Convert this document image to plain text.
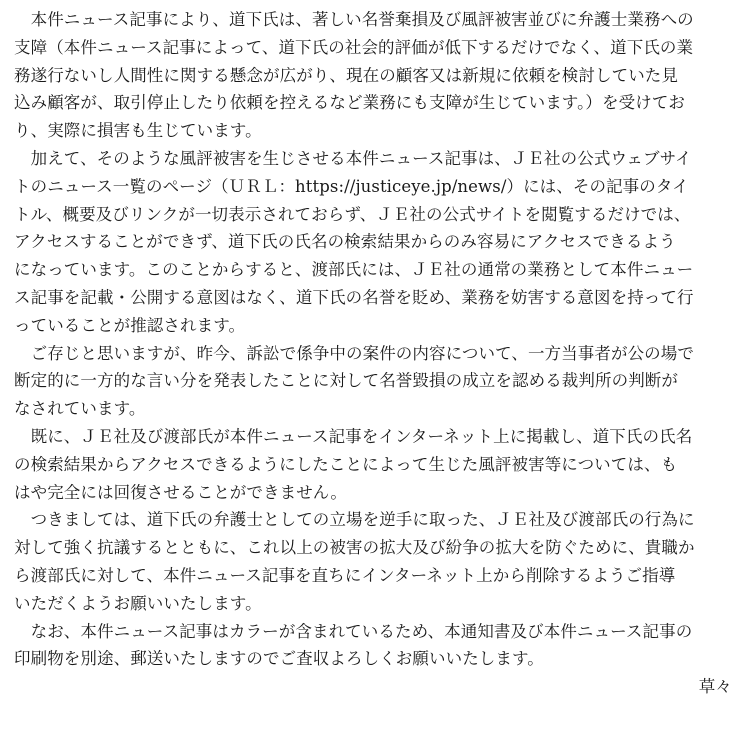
　本件ニュース記事により、道下氏は、著しい名誉棄損及び風評被害並びに弁護士業務への
支障（本件ニュース記事によって、道下氏の社会的評価が低下するだけでなく、道下氏の業
務遂行ないし人間性に関する懸念が広がり、現在の顧客又は新規に依頼を検討していた見
込み顧客が、取引停止したり依頼を控えるなど業務にも支障が生じています。）を受けてお
り、実際に損害も生じています。
　加えて、そのような風評被害を生じさせる本件ニュース記事は、ＪＥ社の公式ウェブサイ
トのニュース一覧のページ（ＵＲＬ：https://justiceye.jp/news/）には、その記事のタイ
トル、概要及びリンクが一切表示されておらず、ＪＥ社の公式サイトを閲覧するだけでは、
アクセスすることができず、道下氏の氏名の検索結果からのみ容易にアクセスできるよう
になっています。このことからすると、渡部氏には、ＪＥ社の通常の業務として本件ニュー
ス記事を記載・公開する意図はなく、道下氏の名誉を貶め、業務を妨害する意図を持って行
っていることが推認されます。
　ご存じと思いますが、昨今、訴訟で係争中の案件の内容について、一方当事者が公の場で
断定的に一方的な言い分を発表したことに対して名誉毀損の成立を認める裁判所の判断が
なされています。
　既に、ＪＥ社及び渡部氏が本件ニュース記事をインターネット上に掲載し、道下氏の氏名
の検索結果からアクセスできるようにしたことによって生じた風評被害等については、も
はや完全には回復させることができません。
　つきましては、道下氏の弁護士としての立場を逆手に取った、ＪＥ社及び渡部氏の行為に
対して強く抗議するとともに、これ以上の被害の拡大及び紛争の拡大を防ぐために、貴職か
ら渡部氏に対して、本件ニュース記事を直ちにインターネット上から削除するようご指導
いただくようお願いいたします。
　なお、本件ニュース記事はカラーが含まれているため、本通知書及び本件ニュース記事の
印刷物を別途、郵送いたしますのでご査収よろしくお願いいたします。
草々
